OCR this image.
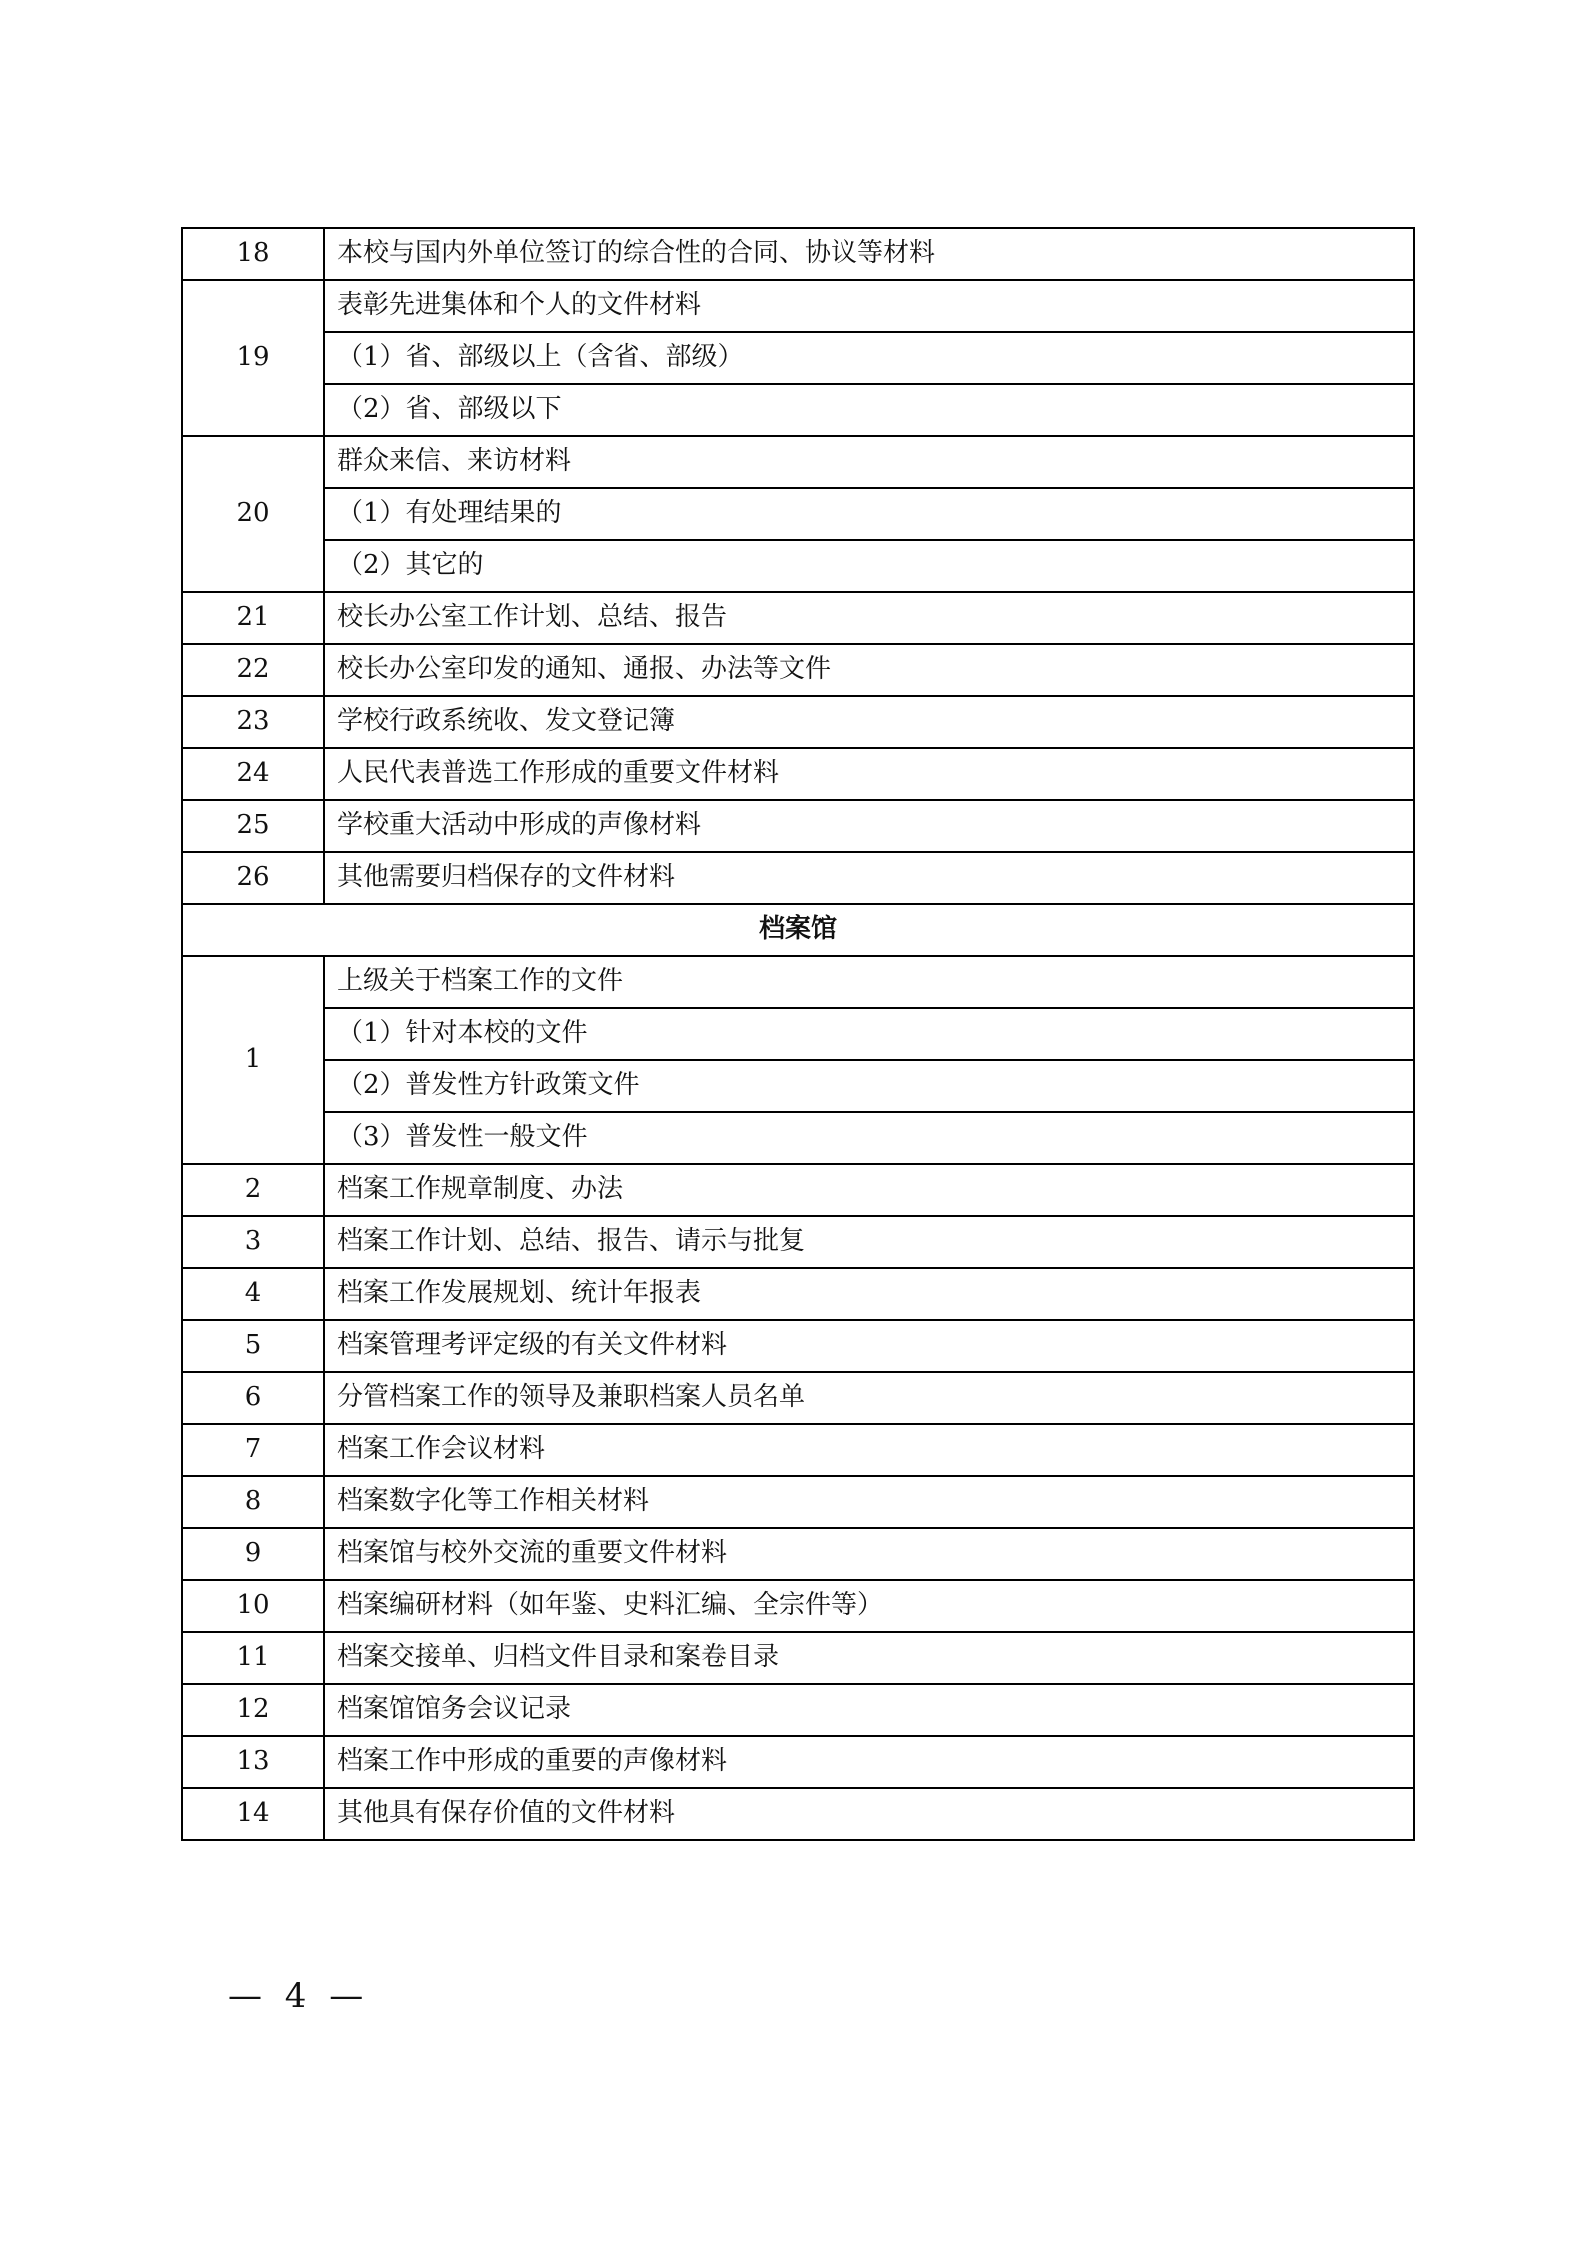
18	本校与国内外单位签订的综合性的合同、协议等材料
19	表彰先进集体和个人的文件材料
	（1）省、部级以上（含省、部级）
	（2）省、部级以下
20	群众来信、来访材料
	（1）有处理结果的
	（2）其它的
21	校长办公室工作计划、总结、报告
22	校长办公室印发的通知、通报、办法等文件
23	学校行政系统收、发文登记簿
24	人民代表普选工作形成的重要文件材料
25	学校重大活动中形成的声像材料
26	其他需要归档保存的文件材料
档案馆	
1	上级关于档案工作的文件
	（1）针对本校的文件
	（2）普发性方针政策文件
	（3）普发性一般文件
2	档案工作规章制度、办法
3	档案工作计划、总结、报告、请示与批复
4	档案工作发展规划、统计年报表
5	档案管理考评定级的有关文件材料
6	分管档案工作的领导及兼职档案人员名单
7	档案工作会议材料
8	档案数字化等工作相关材料
9	档案馆与校外交流的重要文件材料
10	档案编研材料（如年鉴、史料汇编、全宗件等）
11	档案交接单、归档文件目录和案卷目录
12	档案馆馆务会议记录
13	档案工作中形成的重要的声像材料
14	其他具有保存价值的文件材料
— 4 —
